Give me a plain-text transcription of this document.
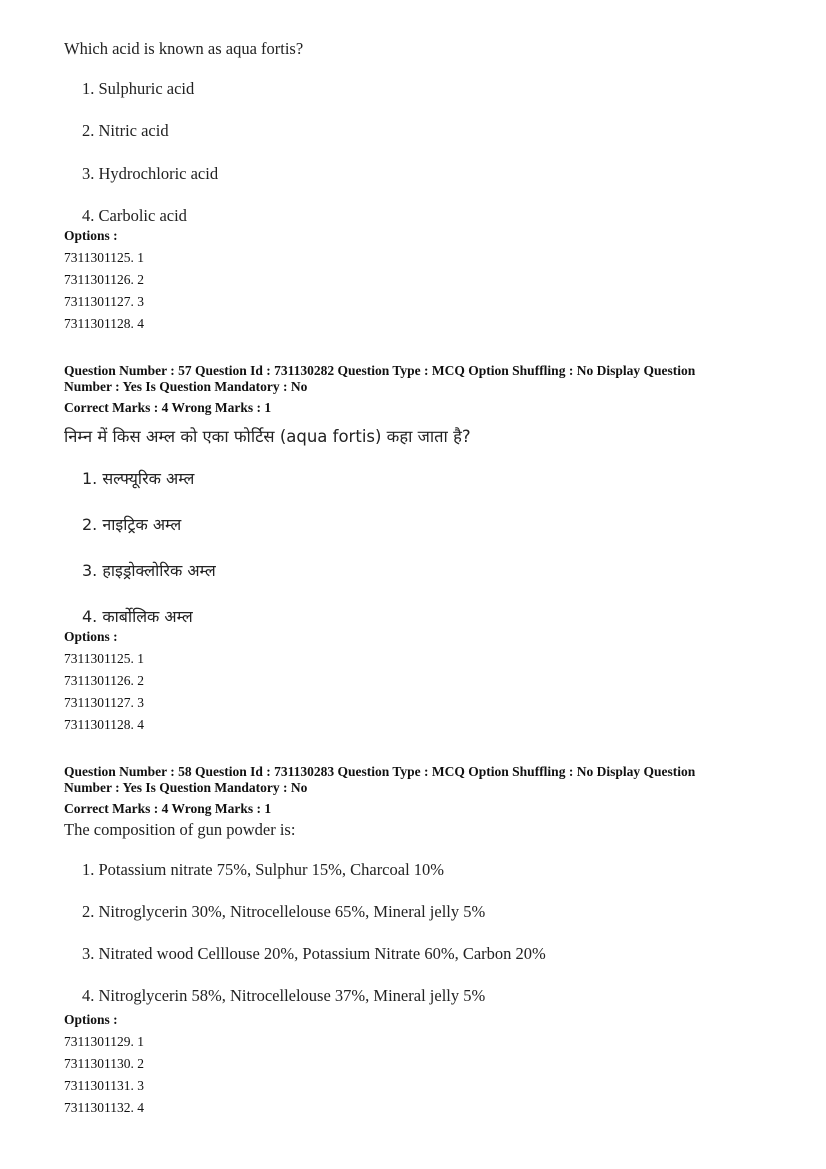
Which acid is known as aqua fortis?
1. Sulphuric acid
2. Nitric acid
3. Hydrochloric acid
4. Carbolic acid
Options :
7311301125. 1
7311301126. 2
7311301127. 3
7311301128. 4
Question Number : 57 Question Id : 731130282 Question Type : MCQ Option Shuffling : No Display Question
Number : Yes Is Question Mandatory : No
Correct Marks : 4 Wrong Marks : 1
निम्न में किस अम्ल को एका फोर्टिस (aqua fortis) कहा जाता है?
1. सल्फ्यूरिक अम्ल
2. नाइट्रिक अम्ल
3. हाइड्रोक्लोरिक अम्ल
4. कार्बोलिक अम्ल
Options :
7311301125. 1
7311301126. 2
7311301127. 3
7311301128. 4
Question Number : 58 Question Id : 731130283 Question Type : MCQ Option Shuffling : No Display Question
Number : Yes Is Question Mandatory : No
Correct Marks : 4 Wrong Marks : 1
The composition of gun powder is:
1. Potassium nitrate 75%, Sulphur 15%, Charcoal 10%
2. Nitroglycerin 30%, Nitrocellelouse 65%, Mineral jelly 5%
3. Nitrated wood Celllouse 20%, Potassium Nitrate 60%, Carbon 20%
4. Nitroglycerin 58%, Nitrocellelouse 37%, Mineral jelly 5%
Options :
7311301129. 1
7311301130. 2
7311301131. 3
7311301132. 4
